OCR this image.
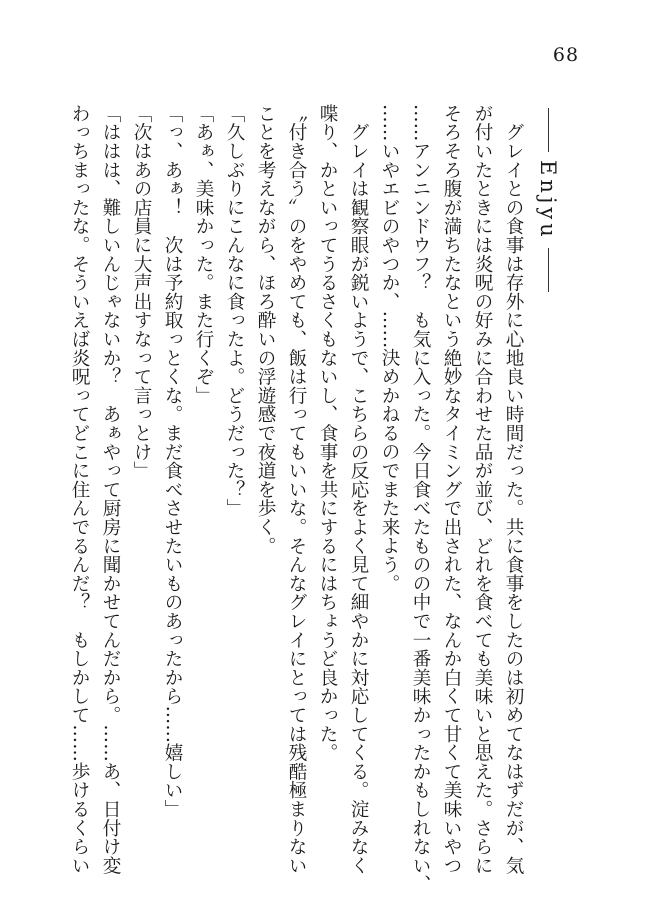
68
Enjyu

　グレイとの食事は存外に心地良い時間だった。共に食事をしたのは初めてなはずだが、気

が付いたときには炎呪の好みに合わせた品が並び、どれを食べても美味いと思えた。さらに

そろそろ腹が満ちたなという絶妙なタイミングで出された、なんか白くて甘くて美味いやつ

……アンニンドウフ？　も気に入った。今日食べたものの中で一番美味かったかもしれない、

……いやエビのやつか、……決めかねるのでまた来よう。

　グレイは観察眼が鋭いようで、こちらの反応をよく見て細やかに対応してくる。淀みなく

喋り、かといってうるさくもないし、食事を共にするにはちょうど良かった。

〝付き合う〟のをやめても、飯は行ってもいいな。そんなグレイにとっては残酷極まりない

ことを考えながら、ほろ酔いの浮遊感で夜道を歩く。

「久しぶりにこんなに食ったよ。どうだった？」

「あぁ、美味かった。また行くぞ」

「っ、あぁ！　次は予約取っとくな。まだ食べさせたいものあったから……嬉しい」

「次はあの店員に大声出すなって言っとけ」

「ははは、難しいんじゃないか？　あぁやって厨房に聞かせてんだから。……あ、日付け変

わっちまったな。そういえば炎呪ってどこに住んでるんだ？　もしかして……歩けるくらい
